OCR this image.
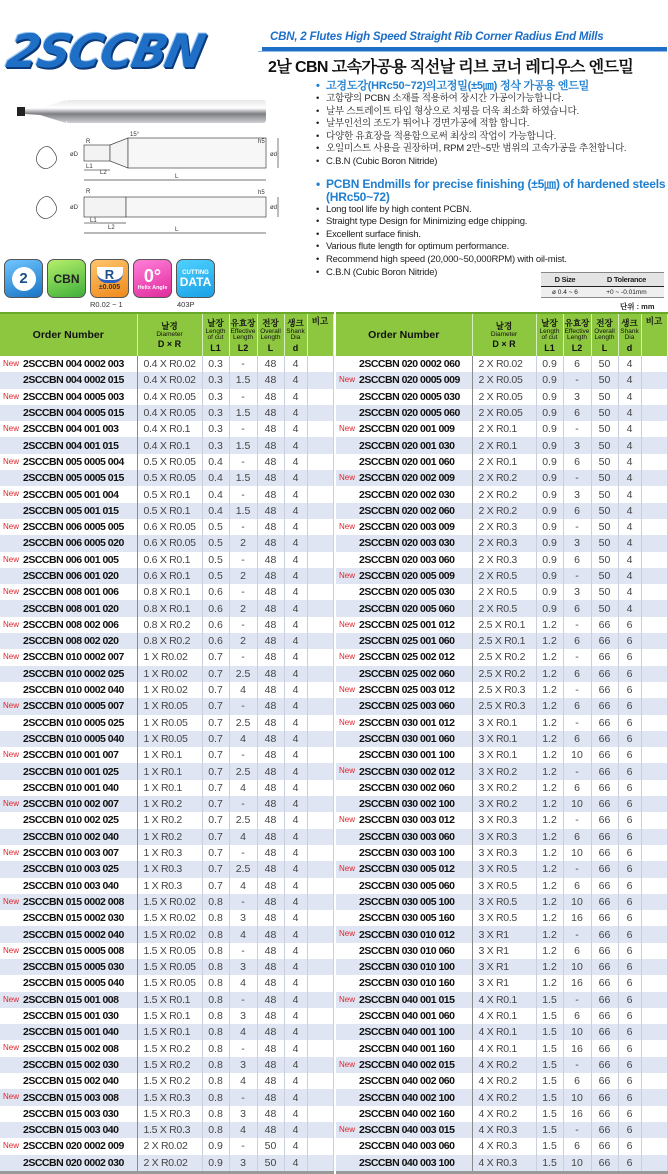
2SCCBN	CBN, 2 Flutes High Speed Straight Rib Corner Radius End Mills
2날 CBN 고속가공용 직선날 리브 코너 레디우스 엔드밀
R
15°
h5
øD	ød
L1
L2
L
R	h5
øD	ød
L1
L2	L
• 고경도강(HRc50~72)의고정밀(±5㎛) 정삭 가공용 엔드밀
• 고함량의 PCBN 소재를 적용하여 장시간 가공이가능합니다.
• 날부 스트레이트 타입 형상으로 치핑을 더욱 최소화 하였습니다.
• 날부인선의 조도가 뛰어나 경면가공에 적합 합니다.
• 다양한 유효장을 적용함으로써 최상의 작업이 가능합니다.
• 오일미스트 사용을 권장하며, RPM 2만~5만 범위의 고속가공을 추천합니다.
• C.B.N (Cubic Boron Nitride)
• PCBN Endmills for precise finishing (±5㎛) of hardened steels (HRc50~72)
• Long tool life by high content PCBN.
• Straight type Design for Minimizing edge chipping.
• Excellent surface finish.
• Various flute length for optimum performance.
• Recommend high speed (20,000~50,000RPM) with oil-mist.
• C.B.N (Cubic Boron Nitride)
2	CBN	R
±0.005
0°
Helix Angle
CUTTING
DATA
R0.02 ~ 1	403P
D Size	D Tolerance
ø 0.4 ~ 6	+0 ~ -0.01mm
단위 : mm
Order Number	날경
Diameter
D × R	날장
Length of cut
L1	유효장
Effective Length
L2	전장
Overall Length
L	생크
Shank Dia
d	비고

New 2SCCBN 004 0002 003	0.4 X R0.02	0.3	-	48	4	
2SCCBN 004 0002 015	0.4 X R0.02	0.3	1.5	48	4	

New 2SCCBN 004 0005 003	0.4 X R0.05	0.3	-	48	4	
2SCCBN 004 0005 015	0.4 X R0.05	0.3	1.5	48	4	

New 2SCCBN 004 001 003	0.4 X R0.1	0.3	-	48	4	
2SCCBN 004 001 015	0.4 X R0.1	0.3	1.5	48	4	

New 2SCCBN 005 0005 004	0.5 X R0.05	0.4	-	48	4	
2SCCBN 005 0005 015	0.5 X R0.05	0.4	1.5	48	4	

New 2SCCBN 005 001 004	0.5 X R0.1	0.4	-	48	4	
2SCCBN 005 001 015	0.5 X R0.1	0.4	1.5	48	4	

New 2SCCBN 006 0005 005	0.6 X R0.05	0.5	-	48	4	
2SCCBN 006 0005 020	0.6 X R0.05	0.5	2	48	4	

New 2SCCBN 006 001 005	0.6 X R0.1	0.5	-	48	4	
2SCCBN 006 001 020	0.6 X R0.1	0.5	2	48	4	

New 2SCCBN 008 001 006	0.8 X R0.1	0.6	-	48	4	
2SCCBN 008 001 020	0.8 X R0.1	0.6	2	48	4	

New 2SCCBN 008 002 006	0.8 X R0.2	0.6	-	48	4	
2SCCBN 008 002 020	0.8 X R0.2	0.6	2	48	4	

New 2SCCBN 010 0002 007	1 X R0.02	0.7	-	48	4	
2SCCBN 010 0002 025	1 X R0.02	0.7	2.5	48	4	
2SCCBN 010 0002 040	1 X R0.02	0.7	4	48	4	

New 2SCCBN 010 0005 007	1 X R0.05	0.7	-	48	4	
2SCCBN 010 0005 025	1 X R0.05	0.7	2.5	48	4	
2SCCBN 010 0005 040	1 X R0.05	0.7	4	48	4	

New 2SCCBN 010 001 007	1 X R0.1	0.7	-	48	4	
2SCCBN 010 001 025	1 X R0.1	0.7	2.5	48	4	
2SCCBN 010 001 040	1 X R0.1	0.7	4	48	4	

New 2SCCBN 010 002 007	1 X R0.2	0.7	-	48	4	
2SCCBN 010 002 025	1 X R0.2	0.7	2.5	48	4	
2SCCBN 010 002 040	1 X R0.2	0.7	4	48	4	

New 2SCCBN 010 003 007	1 X R0.3	0.7	-	48	4	
2SCCBN 010 003 025	1 X R0.3	0.7	2.5	48	4	
2SCCBN 010 003 040	1 X R0.3	0.7	4	48	4	

New 2SCCBN 015 0002 008	1.5 X R0.02	0.8	-	48	4	
2SCCBN 015 0002 030	1.5 X R0.02	0.8	3	48	4	
2SCCBN 015 0002 040	1.5 X R0.02	0.8	4	48	4	

New 2SCCBN 015 0005 008	1.5 X R0.05	0.8	-	48	4	
2SCCBN 015 0005 030	1.5 X R0.05	0.8	3	48	4	
2SCCBN 015 0005 040	1.5 X R0.05	0.8	4	48	4	

New 2SCCBN 015 001 008	1.5 X R0.1	0.8	-	48	4	
2SCCBN 015 001 030	1.5 X R0.1	0.8	3	48	4	
2SCCBN 015 001 040	1.5 X R0.1	0.8	4	48	4	

New 2SCCBN 015 002 008	1.5 X R0.2	0.8	-	48	4	
2SCCBN 015 002 030	1.5 X R0.2	0.8	3	48	4	
2SCCBN 015 002 040	1.5 X R0.2	0.8	4	48	4	

New 2SCCBN 015 003 008	1.5 X R0.3	0.8	-	48	4	
2SCCBN 015 003 030	1.5 X R0.3	0.8	3	48	4	
2SCCBN 015 003 040	1.5 X R0.3	0.8	4	48	4	

New 2SCCBN 020 0002 009	2 X R0.02	0.9	-	50	4	
2SCCBN 020 0002 030	2 X R0.02	0.9	3	50	4	
Order Number	날경
Diameter
D × R	날장
Length of cut
L1	유효장
Effective Length
L2	전장
Overall Length
L	생크
Shank Dia
d	비고

2SCCBN 020 0002 060	2 X R0.02	0.9	6	50	4	

New 2SCCBN 020 0005 009	2 X R0.05	0.9	-	50	4	
2SCCBN 020 0005 030	2 X R0.05	0.9	3	50	4	
2SCCBN 020 0005 060	2 X R0.05	0.9	6	50	4	

New 2SCCBN 020 001 009	2 X R0.1	0.9	-	50	4	
2SCCBN 020 001 030	2 X R0.1	0.9	3	50	4	
2SCCBN 020 001 060	2 X R0.1	0.9	6	50	4	

New 2SCCBN 020 002 009	2 X R0.2	0.9	-	50	4	
2SCCBN 020 002 030	2 X R0.2	0.9	3	50	4	
2SCCBN 020 002 060	2 X R0.2	0.9	6	50	4	

New 2SCCBN 020 003 009	2 X R0.3	0.9	-	50	4	
2SCCBN 020 003 030	2 X R0.3	0.9	3	50	4	
2SCCBN 020 003 060	2 X R0.3	0.9	6	50	4	

New 2SCCBN 020 005 009	2 X R0.5	0.9	-	50	4	
2SCCBN 020 005 030	2 X R0.5	0.9	3	50	4	
2SCCBN 020 005 060	2 X R0.5	0.9	6	50	4	

New 2SCCBN 025 001 012	2.5 X R0.1	1.2	-	66	6	
2SCCBN 025 001 060	2.5 X R0.1	1.2	6	66	6	

New 2SCCBN 025 002 012	2.5 X R0.2	1.2	-	66	6	
2SCCBN 025 002 060	2.5 X R0.2	1.2	6	66	6	

New 2SCCBN 025 003 012	2.5 X R0.3	1.2	-	66	6	
2SCCBN 025 003 060	2.5 X R0.3	1.2	6	66	6	

New 2SCCBN 030 001 012	3 X R0.1	1.2	-	66	6	
2SCCBN 030 001 060	3 X R0.1	1.2	6	66	6	
2SCCBN 030 001 100	3 X R0.1	1.2	10	66	6	

New 2SCCBN 030 002 012	3 X R0.2	1.2	-	66	6	
2SCCBN 030 002 060	3 X R0.2	1.2	6	66	6	
2SCCBN 030 002 100	3 X R0.2	1.2	10	66	6	

New 2SCCBN 030 003 012	3 X R0.3	1.2	-	66	6	
2SCCBN 030 003 060	3 X R0.3	1.2	6	66	6	
2SCCBN 030 003 100	3 X R0.3	1.2	10	66	6	

New 2SCCBN 030 005 012	3 X R0.5	1.2	-	66	6	
2SCCBN 030 005 060	3 X R0.5	1.2	6	66	6	
2SCCBN 030 005 100	3 X R0.5	1.2	10	66	6	
2SCCBN 030 005 160	3 X R0.5	1.2	16	66	6	

New 2SCCBN 030 010 012	3 X R1	1.2	-	66	6	
2SCCBN 030 010 060	3 X R1	1.2	6	66	6	
2SCCBN 030 010 100	3 X R1	1.2	10	66	6	
2SCCBN 030 010 160	3 X R1	1.2	16	66	6	

New 2SCCBN 040 001 015	4 X R0.1	1.5	-	66	6	
2SCCBN 040 001 060	4 X R0.1	1.5	6	66	6	
2SCCBN 040 001 100	4 X R0.1	1.5	10	66	6	
2SCCBN 040 001 160	4 X R0.1	1.5	16	66	6	

New 2SCCBN 040 002 015	4 X R0.2	1.5	-	66	6	
2SCCBN 040 002 060	4 X R0.2	1.5	6	66	6	
2SCCBN 040 002 100	4 X R0.2	1.5	10	66	6	
2SCCBN 040 002 160	4 X R0.2	1.5	16	66	6	

New 2SCCBN 040 003 015	4 X R0.3	1.5	-	66	6	
2SCCBN 040 003 060	4 X R0.3	1.5	6	66	6	
2SCCBN 040 003 100	4 X R0.3	1.5	10	66	6	
